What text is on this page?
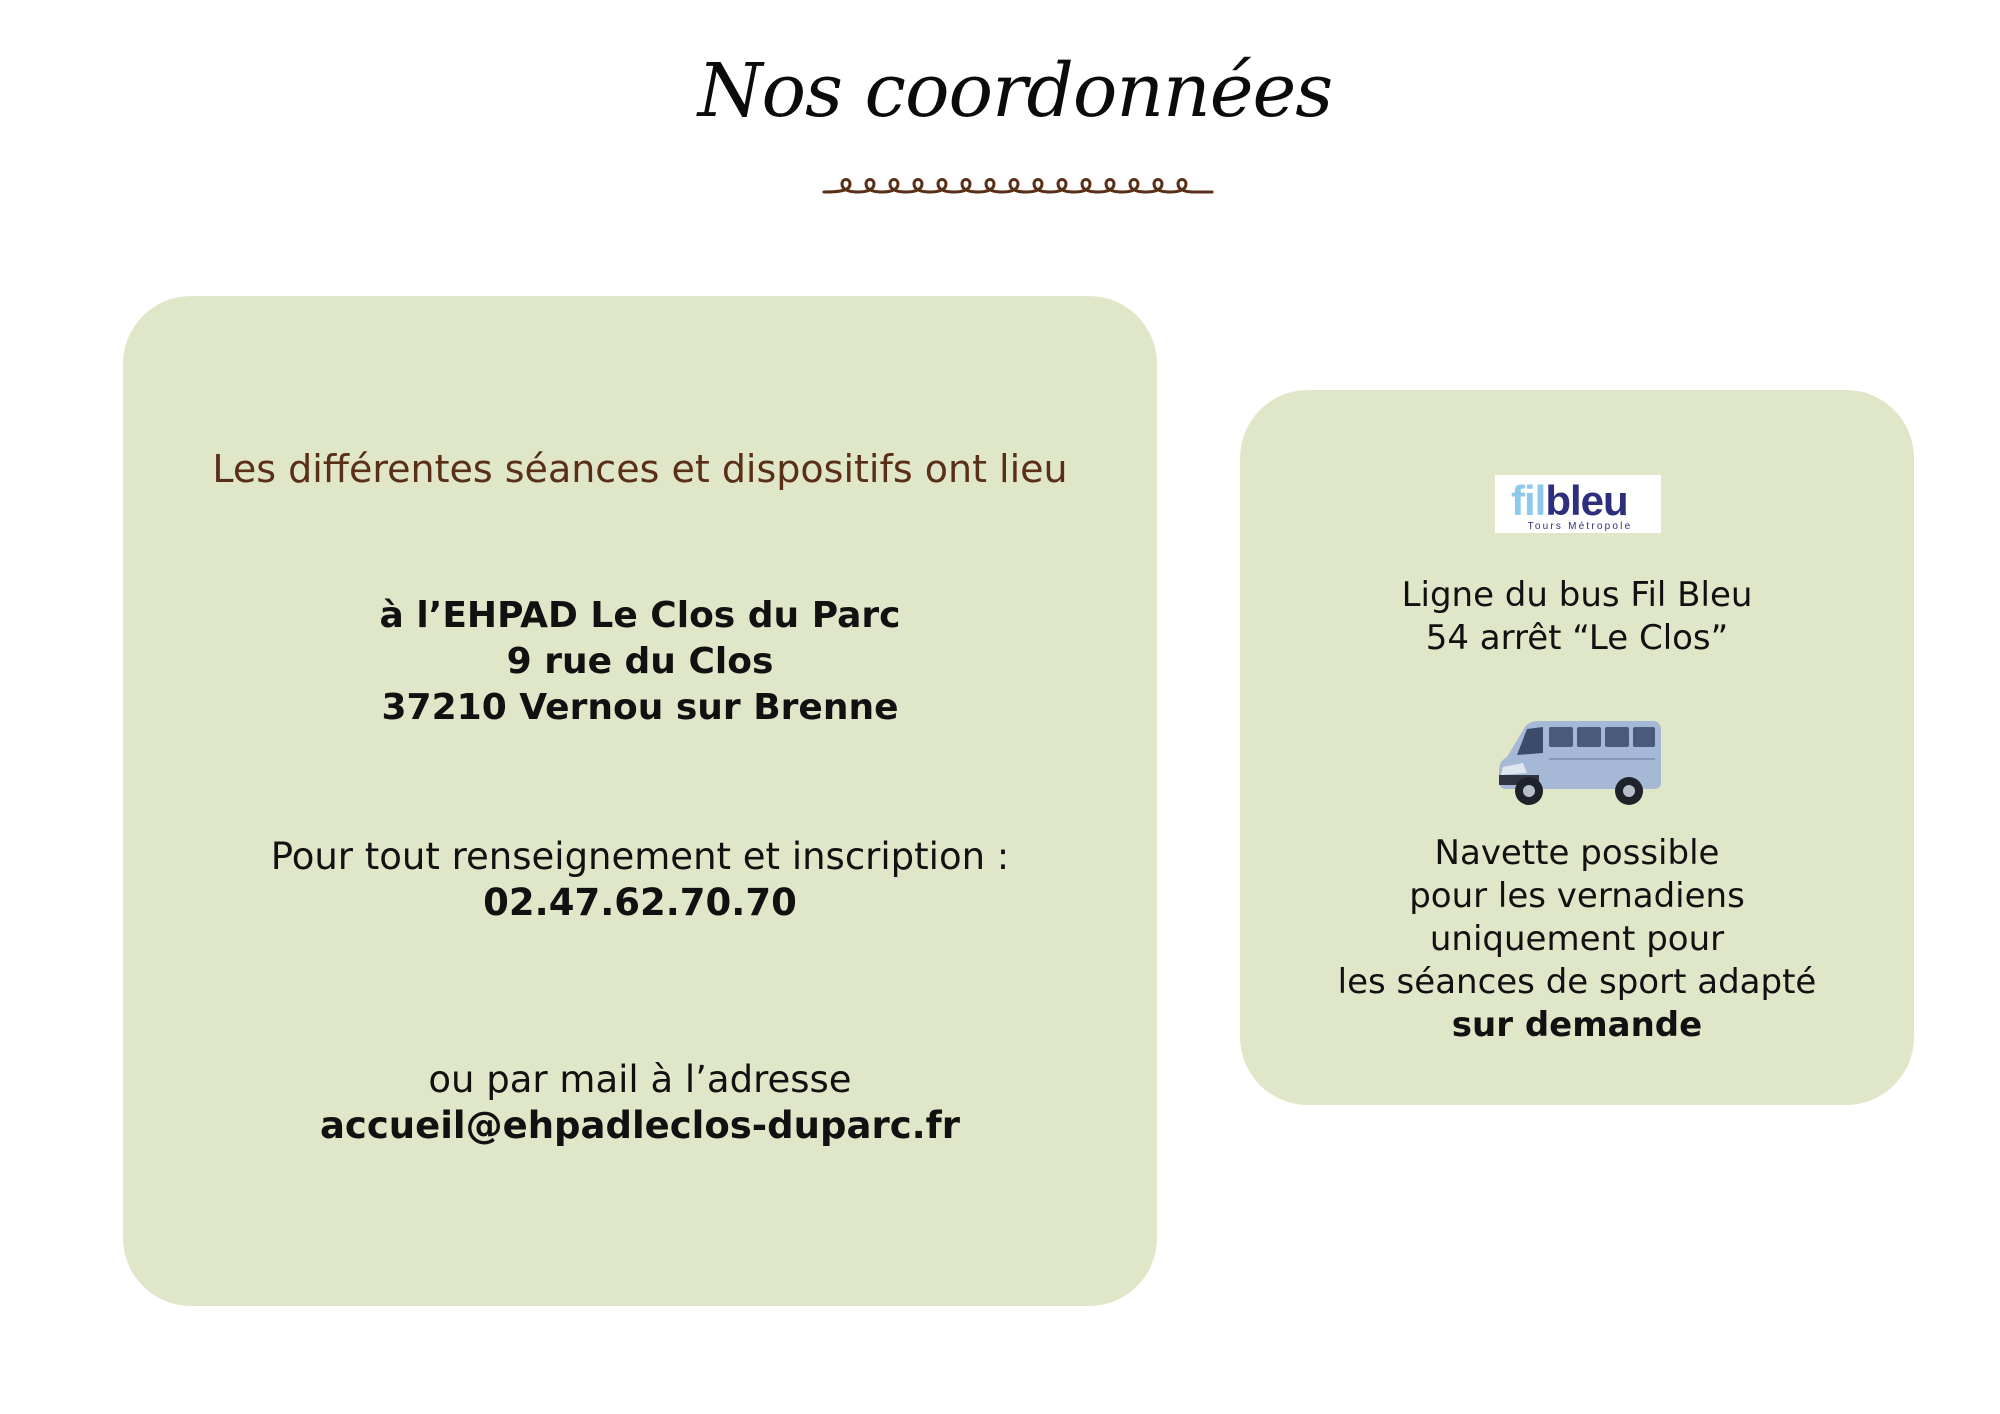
Nos coordonnées
Les différentes séances et dispositifs ont lieu
à l’EHPAD Le Clos du Parc
9 rue du Clos
37210 Vernou sur Brenne
Pour tout renseignement et inscription :
02.47.62.70.70
ou par mail à l’adresse
accueil@ehpadleclos-duparc.fr
filbleu
Tours Métropole
Ligne du bus Fil Bleu
54 arrêt “Le Clos”
Navette possible
pour les vernadiens
uniquement pour
les séances de sport adapté
sur demande
